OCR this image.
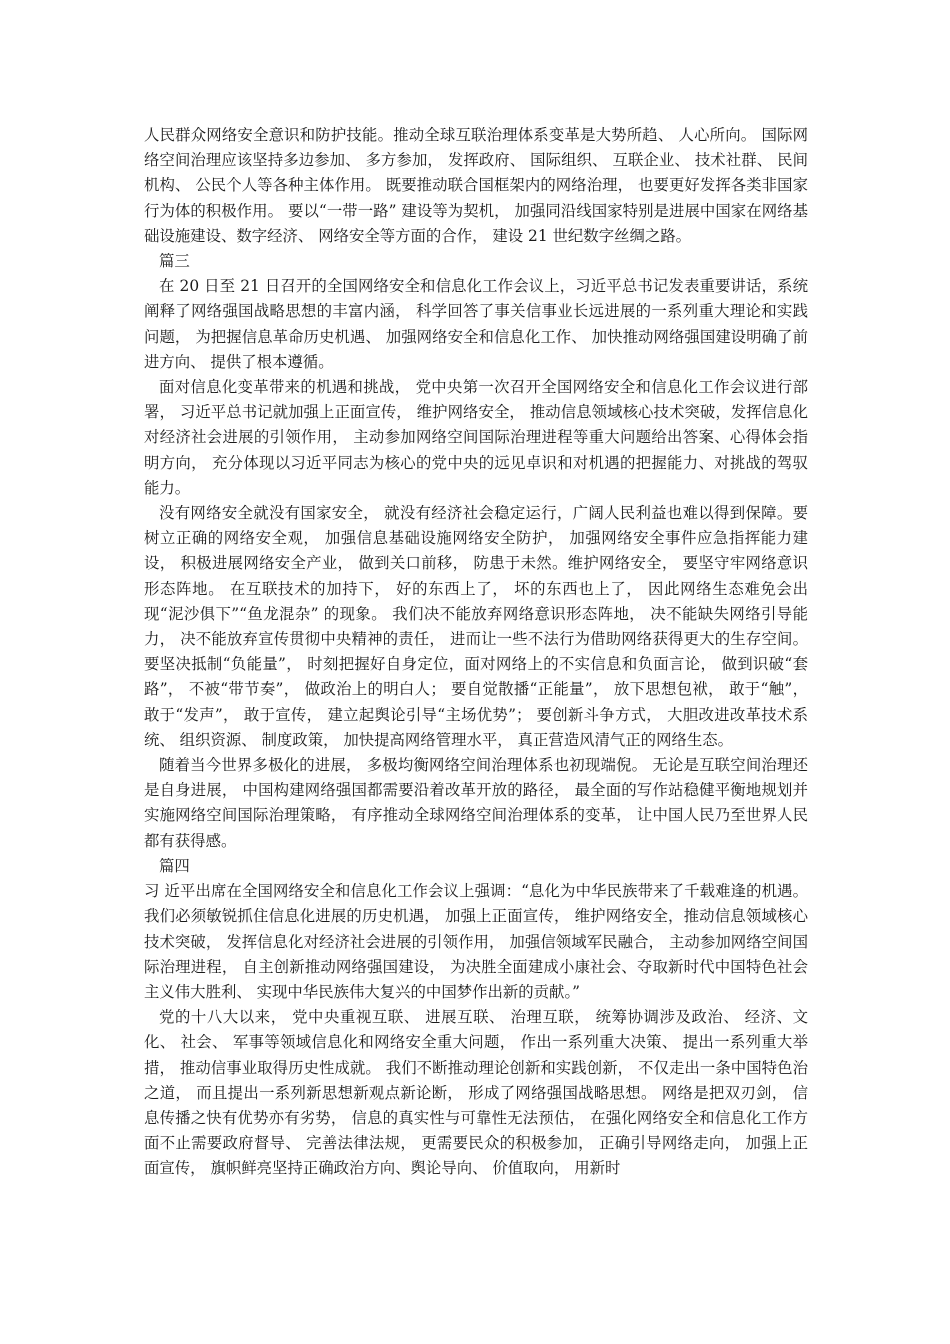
人民群众网络安全意识和防护技能。推动全球互联治理体系变革是大势所趋、 人心所向。 国际网络空间治理应该坚持多边参加、 多方参加， 发挥政府、 国际组织、 互联企业、 技术社群、 民间机构、 公民个人等各种主体作用。 既要推动联合国框架内的网络治理， 也要更好发挥各类非国家行为体的积极作用。 要以“一带一路” 建设等为契机， 加强同沿线国家特别是进展中国家在网络基础设施建设、数字经济、 网络安全等方面的合作， 建设 21 世纪数字丝绸之路。

篇三

在 20 日至 21 日召开的全国网络安全和信息化工作会议上，习近平总书记发表重要讲话，系统阐释了网络强国战略思想的丰富内涵， 科学回答了事关信事业长远进展的一系列重大理论和实践问题， 为把握信息革命历史机遇、 加强网络安全和信息化工作、 加快推动网络强国建设明确了前进方向、 提供了根本遵循。

面对信息化变革带来的机遇和挑战， 党中央第一次召开全国网络安全和信息化工作会议进行部署， 习近平总书记就加强上正面宣传， 维护网络安全， 推动信息领域核心技术突破，发挥信息化对经济社会进展的引领作用， 主动参加网络空间国际治理进程等重大问题给出答案、心得体会指明方向， 充分体现以习近平同志为核心的党中央的远见卓识和对机遇的把握能力、对挑战的驾驭能力。

没有网络安全就没有国家安全， 就没有经济社会稳定运行，广阔人民利益也难以得到保障。要树立正确的网络安全观， 加强信息基础设施网络安全防护， 加强网络安全事件应急指挥能力建设， 积极进展网络安全产业， 做到关口前移， 防患于未然。维护网络安全， 要坚守牢网络意识形态阵地。 在互联技术的加持下， 好的东西上了， 坏的东西也上了， 因此网络生态难免会出现“泥沙俱下”“鱼龙混杂” 的现象。 我们决不能放弃网络意识形态阵地， 决不能缺失网络引导能力， 决不能放弃宣传贯彻中央精神的责任， 进而让一些不法行为借助网络获得更大的生存空间。 要坚决抵制“负能量”， 时刻把握好自身定位，面对网络上的不实信息和负面言论， 做到识破“套路”， 不被“带节奏”， 做政治上的明白人； 要自觉散播“正能量”， 放下思想包袱， 敢于“触”， 敢于“发声”， 敢于宣传， 建立起舆论引导“主场优势”； 要创新斗争方式， 大胆改进改革技术系统、 组织资源、 制度政策， 加快提高网络管理水平， 真正营造风清气正的网络生态。

随着当今世界多极化的进展， 多极均衡网络空间治理体系也初现端倪。 无论是互联空间治理还是自身进展， 中国构建网络强国都需要沿着改革开放的路径， 最全面的写作站稳健平衡地规划并实施网络空间国际治理策略， 有序推动全球网络空间治理体系的变革， 让中国人民乃至世界人民都有获得感。

篇四

习 近平出席在全国网络安全和信息化工作会议上强调：“息化为中华民族带来了千载难逢的机遇。 我们必须敏锐抓住信息化进展的历史机遇， 加强上正面宣传， 维护网络安全，推动信息领域核心技术突破， 发挥信息化对经济社会进展的引领作用， 加强信领域军民融合， 主动参加网络空间国际治理进程， 自主创新推动网络强国建设， 为决胜全面建成小康社会、夺取新时代中国特色社会主义伟大胜利、 实现中华民族伟大复兴的中国梦作出新的贡献。”

党的十八大以来， 党中央重视互联、 进展互联、 治理互联， 统筹协调涉及政治、 经济、文化、 社会、 军事等领域信息化和网络安全重大问题， 作出一系列重大决策、 提出一系列重大举措， 推动信事业取得历史性成就。 我们不断推动理论创新和实践创新， 不仅走出一条中国特色治之道， 而且提出一系列新思想新观点新论断， 形成了网络强国战略思想。 网络是把双刃剑， 信息传播之快有优势亦有劣势， 信息的真实性与可靠性无法预估， 在强化网络安全和信息化工作方面不止需要政府督导、 完善法律法规， 更需要民众的积极参加， 正确引导网络走向， 加强上正面宣传， 旗帜鲜亮坚持正确政治方向、舆论导向、 价值取向， 用新时
